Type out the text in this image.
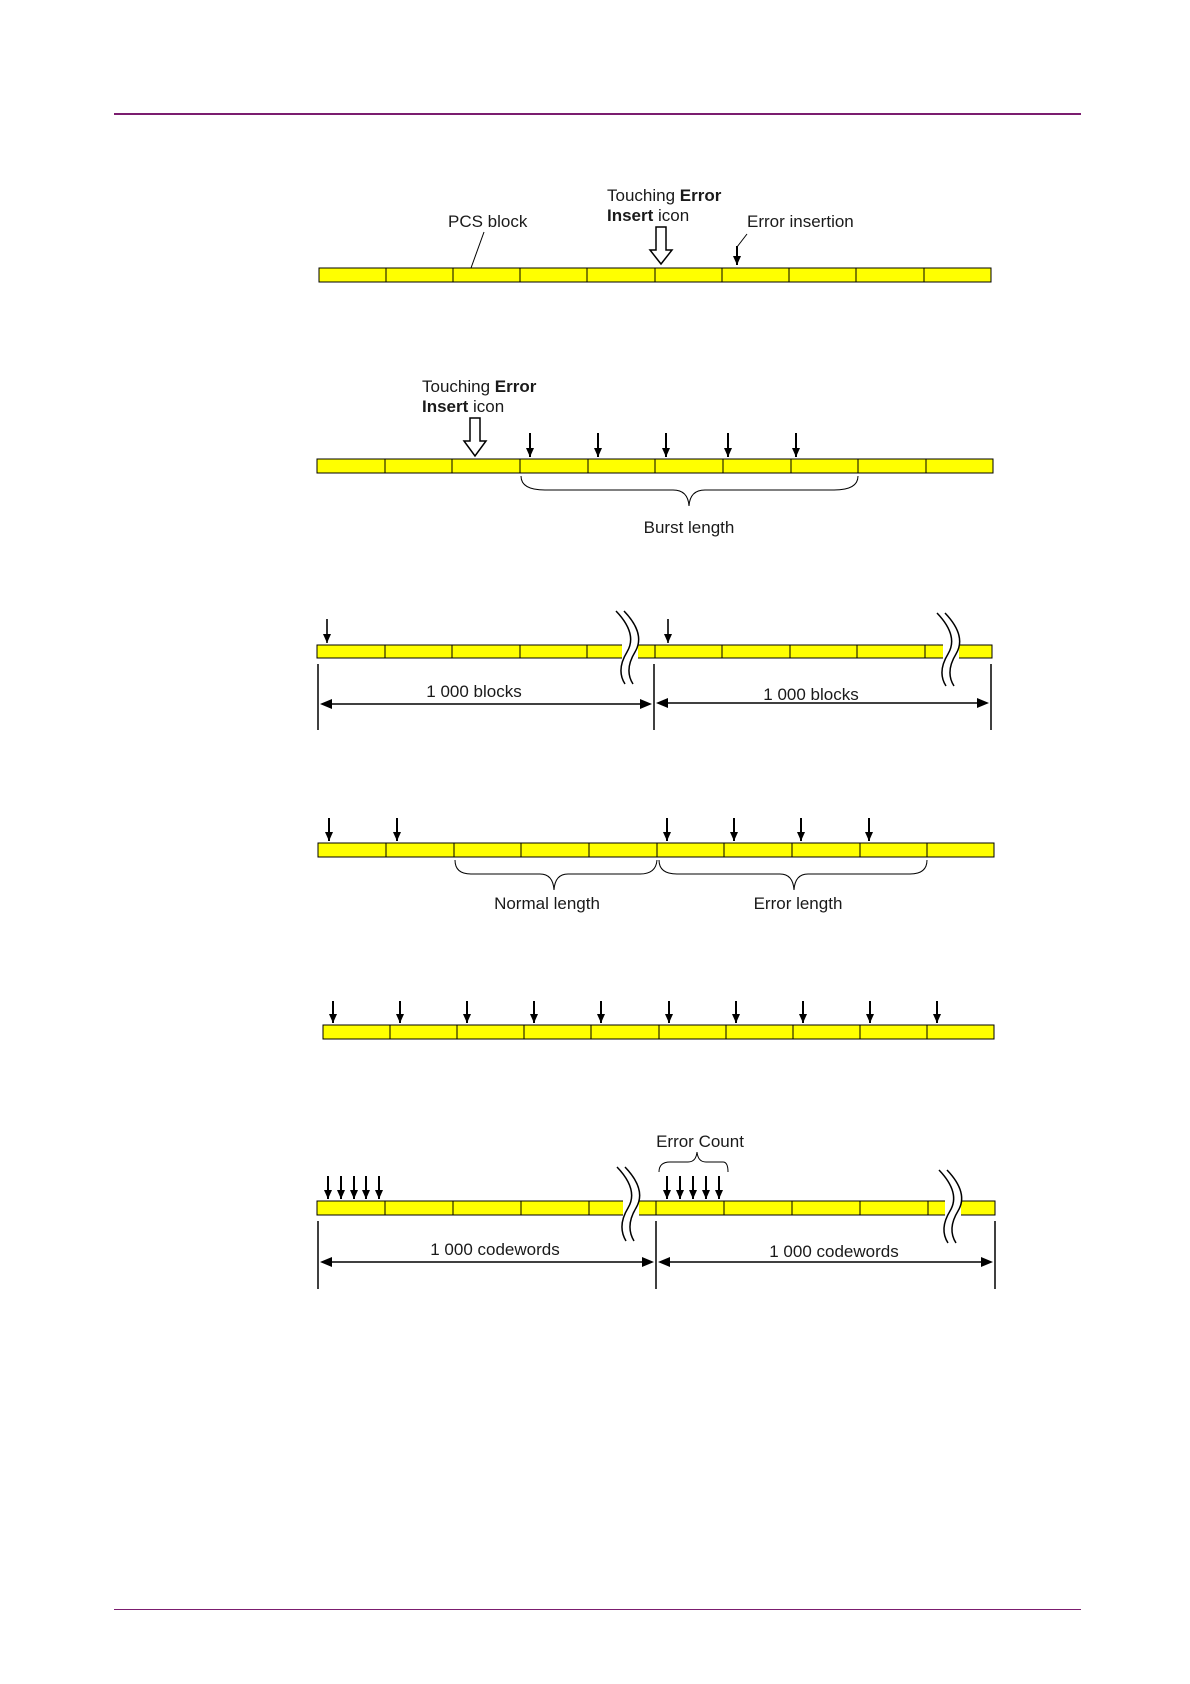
PCS block
Touching Error
Insert icon	Error insertion
Touching Error
Insert icon
Burst length
1 000 blocks	1 000 blocks
Normal length	Error length
Error Count
1 000 codewords	1 000 codewords
